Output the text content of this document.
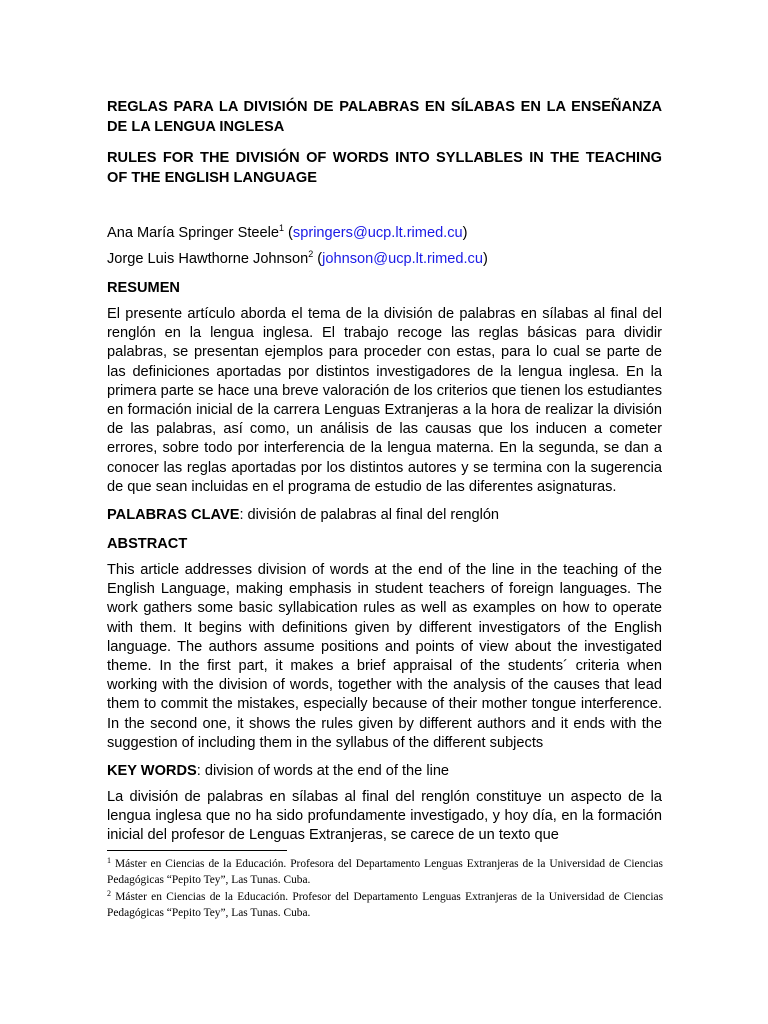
REGLAS PARA LA DIVISIÓN DE PALABRAS EN SÍLABAS EN LA ENSEÑANZA DE LA LENGUA INGLESA
RULES FOR THE DIVISIÓN OF WORDS INTO SYLLABLES IN THE TEACHING OF THE ENGLISH LANGUAGE
Ana María Springer Steele$^1$ (springers@ucp.lt.rimed.cu)
Jorge Luis Hawthorne Johnson$^2$ (johnson@ucp.lt.rimed.cu)
RESUMEN

El presente artículo aborda el tema de la división de palabras en sílabas al final del renglón en la lengua inglesa. El trabajo recoge las reglas básicas para dividir palabras, se presentan ejemplos para proceder con estas, para lo cual se parte de las definiciones aportadas por distintos investigadores de la lengua inglesa. En la primera parte se hace una breve valoración de los criterios que tienen los estudiantes en formación inicial de la carrera Lenguas Extranjeras a la hora de realizar la división de las palabras, así como, un análisis de las causas que los inducen a cometer errores, sobre todo por interferencia de la lengua materna. En la segunda, se dan a conocer las reglas aportadas por los distintos autores y se termina con la sugerencia de que sean incluidas en el programa de estudio de las diferentes asignaturas.

PALABRAS CLAVE: división de palabras al final del renglón
ABSTRACT

This article addresses division of words at the end of the line in the teaching of the English Language, making emphasis in student teachers of foreign languages. The work gathers some basic syllabication rules as well as examples on how to operate with them. It begins with definitions given by different investigators of the English language. The authors assume positions and points of view about the investigated theme. In the first part, it makes a brief appraisal of the students´ criteria when working with the division of words, together with the analysis of the causes that lead them to commit the mistakes, especially because of their mother tongue interference. In the second one, it shows the rules given by different authors and it ends with the suggestion of including them in the syllabus of the different subjects

KEY WORDS: division of words at the end of the line

La división de palabras en sílabas al final del renglón constituye un aspecto de la lengua inglesa que no ha sido profundamente investigado, y hoy día, en la formación inicial del profesor de Lenguas Extranjeras, se carece de un texto que

$^1$ Máster en Ciencias de la Educación. Profesora del Departamento Lenguas Extranjeras de la Universidad de Ciencias Pedagógicas “Pepito Tey”, Las Tunas. Cuba.
$^2$ Máster en Ciencias de la Educación. Profesor del Departamento Lenguas Extranjeras de la Universidad de Ciencias Pedagógicas “Pepito Tey”, Las Tunas. Cuba.
